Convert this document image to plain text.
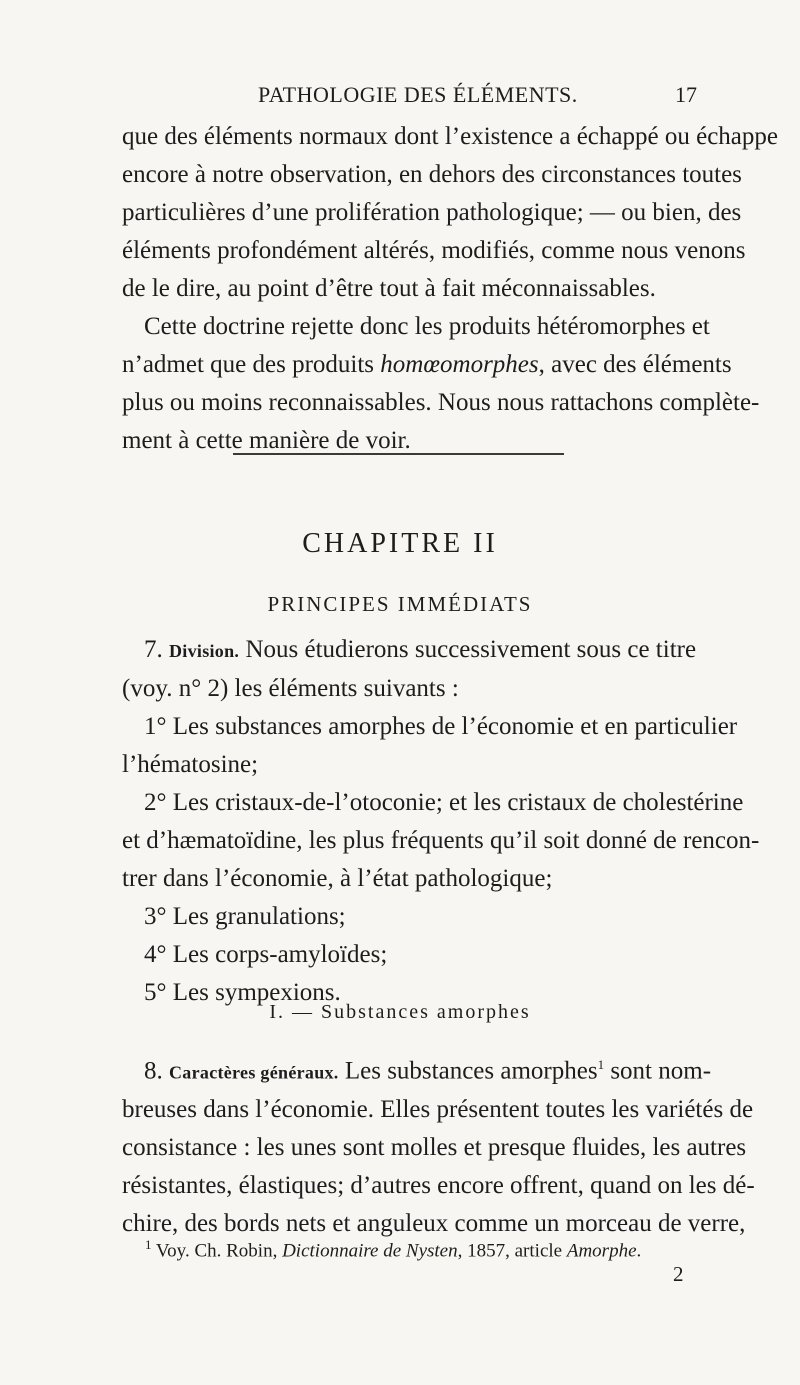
PATHOLOGIE DES ÉLÉMENTS.	17
que des éléments normaux dont l’existence a échappé ou échappe
encore à notre observation, en dehors des circonstances toutes
particulières d’une prolifération pathologique; — ou bien, des
éléments profondément altérés, modifiés, comme nous venons
de le dire, au point d’être tout à fait méconnaissables.
Cette doctrine rejette donc les produits hétéromorphes et
n’admet que des produits homœomorphes, avec des éléments
plus ou moins reconnaissables. Nous nous rattachons complète-
ment à cette manière de voir.
CHAPITRE II
PRINCIPES IMMÉDIATS
7. Division. Nous étudierons successivement sous ce titre
(voy. n° 2) les éléments suivants :
1° Les substances amorphes de l’économie et en particulier
l’hématosine;
2° Les cristaux-de-l’otoconie; et les cristaux de cholestérine
et d’hæmatoïdine, les plus fréquents qu’il soit donné de rencon-
trer dans l’économie, à l’état pathologique;
3° Les granulations;
4° Les corps-amyloïdes;
5° Les sympexions.
I. — Substances amorphes
8. Caractères généraux. Les substances amorphes$^1$ sont nom-
breuses dans l’économie. Elles présentent toutes les variétés de
consistance : les unes sont molles et presque fluides, les autres
résistantes, élastiques; d’autres encore offrent, quand on les dé-
chire, des bords nets et anguleux comme un morceau de verre,
$^1$ Voy. Ch. Robin, Dictionnaire de Nysten, 1857, article Amorphe.
2
